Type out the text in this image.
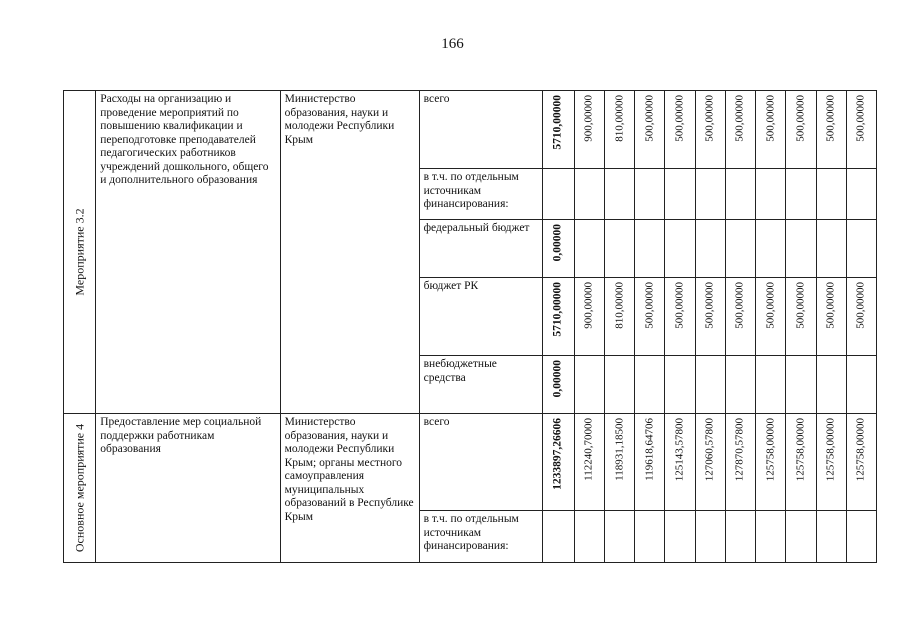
166
Мероприятие 3.2	Расходы на организацию и проведение мероприятий по повышению квалификации и переподготовке преподавателей педагогических работников учреждений дошкольного, общего и дополнительного образования	Министерство образования, науки и молодежи Республики Крым	всего	5710,00000	900,00000	810,00000	500,00000	500,00000	500,00000	500,00000	500,00000	500,00000	500,00000	500,00000

			в т.ч. по отдельным источникам финансирования:											

			федеральный бюджет	0,00000										

			бюджет РК	5710,00000	900,00000	810,00000	500,00000	500,00000	500,00000	500,00000	500,00000	500,00000	500,00000	500,00000

			внебюджетные средства	0,00000										

Основное мероприятие 4	Предоставление мер социальной поддержки работникам образования	Министерство образования, науки и молодежи Республики Крым; органы местного самоуправления муниципальных образований в Республике Крым	всего	1233897,26606	112240,70000	118931,18500	119618,64706	125143,57800	127060,57800	127870,57800	125758,00000	125758,00000	125758,00000	125758,00000

			в т.ч. по отдельным источникам финансирования:											
